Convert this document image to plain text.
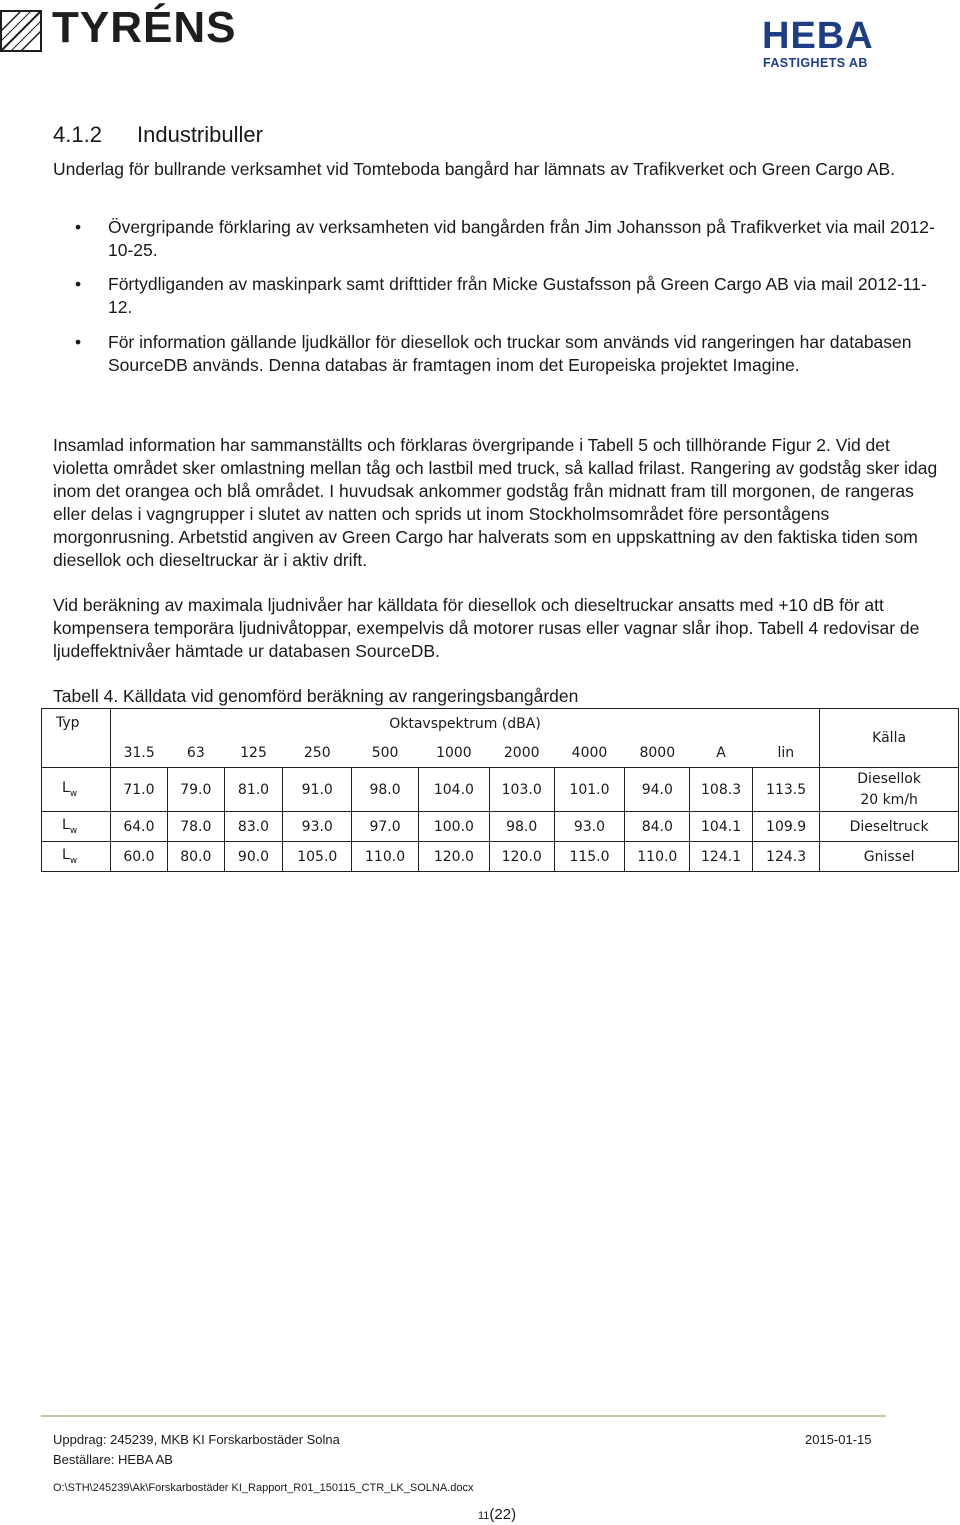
TYRÉNS	HEBA
FASTIGHETS AB
4.1.2 Industribuller
Underlag för bullrande verksamhet vid Tomteboda bangård har lämnats av Trafikverket och Green Cargo AB.
• Övergripande förklaring av verksamheten vid bangården från Jim Johansson på Trafikverket via mail 2012-10-25.
• Förtydliganden av maskinpark samt drifttider från Micke Gustafsson på Green Cargo AB via mail 2012-11-12.
• För information gällande ljudkällor för diesellok och truckar som används vid rangeringen har databasen SourceDB används. Denna databas är framtagen inom det Europeiska projektet Imagine.
Insamlad information har sammanställts och förklaras övergripande i Tabell 5 och tillhörande Figur 2. Vid det violetta området sker omlastning mellan tåg och lastbil med truck, så kallad frilast. Rangering av godståg sker idag inom det orangea och blå området. I huvudsak ankommer godståg från midnatt fram till morgonen, de rangeras eller delas i vagngrupper i slutet av natten och sprids ut inom Stockholmsområdet före persontågens morgonrusning. Arbetstid angiven av Green Cargo har halverats som en uppskattning av den faktiska tiden som diesellok och dieseltruckar är i aktiv drift.
Vid beräkning av maximala ljudnivåer har källdata för diesellok och dieseltruckar ansatts med +10 dB för att kompensera temporära ljudnivåtoppar, exempelvis då motorer rusas eller vagnar slår ihop. Tabell 4 redovisar de ljudeffektnivåer hämtade ur databasen SourceDB.
Tabell 4. Källdata vid genomförd beräkning av rangeringsbangården
Typ	Oktavspektrum (dBA)											Källa
	31.5	63	125	250	500	1000	2000	4000	8000	A	lin	
$L_w$	71.0	79.0	81.0	91.0	98.0	104.0	103.0	101.0	94.0	108.3	113.5	Diesellok
20 km/h

$L_w$	64.0	78.0	83.0	93.0	97.0	100.0	98.0	93.0	84.0	104.1	109.9	Dieseltruck
$L_w$	60.0	80.0	90.0	105.0	110.0	120.0	120.0	115.0	110.0	124.1	124.3	Gnissel
Uppdrag: 245239, MKB KI Forskarbostäder Solna	2015-01-15
Beställare: HEBA AB
O:\STH\245239\Ak\Forskarbostäder KI_Rapport_R01_150115_CTR_LK_SOLNA.docx
11(22)
